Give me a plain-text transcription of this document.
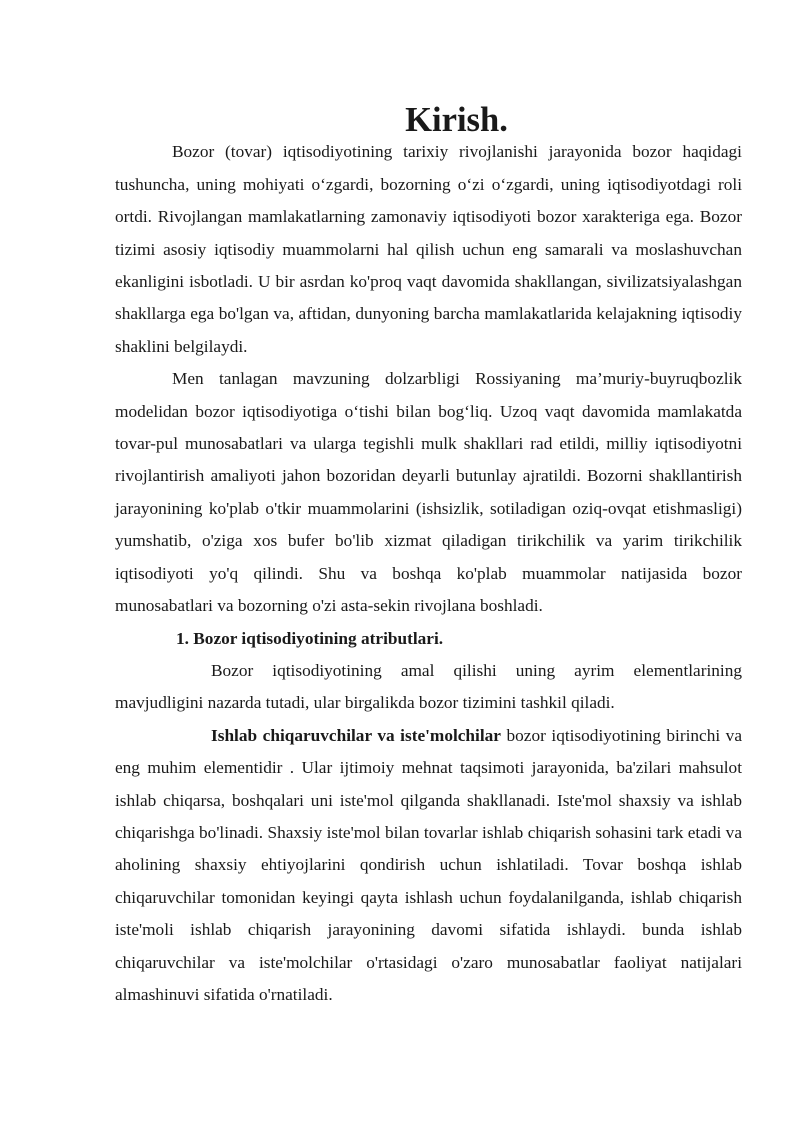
Kirish.

Bozor (tovar) iqtisodiyotining tarixiy rivojlanishi jarayonida bozor haqidagi tushuncha, uning mohiyati o‘zgardi, bozorning o‘zi o‘zgardi, uning iqtisodiyotdagi roli ortdi. Rivojlangan mamlakatlarning zamonaviy iqtisodiyoti bozor xarakteriga ega. Bozor tizimi asosiy iqtisodiy muammolarni hal qilish uchun eng samarali va moslashuvchan ekanligini isbotladi. U bir asrdan ko'proq vaqt davomida shakllangan, sivilizatsiyalashgan shakllarga ega bo'lgan va, aftidan, dunyoning barcha mamlakatlarida kelajakning iqtisodiy shaklini belgilaydi.

Men tanlagan mavzuning dolzarbligi Rossiyaning ma’muriy-buyruqbozlik modelidan bozor iqtisodiyotiga o‘tishi bilan bog‘liq. Uzoq vaqt davomida mamlakatda tovar-pul munosabatlari va ularga tegishli mulk shakllari rad etildi, milliy iqtisodiyotni rivojlantirish amaliyoti jahon bozoridan deyarli butunlay ajratildi. Bozorni shakllantirish jarayonining ko'plab o'tkir muammolarini (ishsizlik, sotiladigan oziq-ovqat etishmasligi) yumshatib, o'ziga xos bufer bo'lib xizmat qiladigan tirikchilik va yarim tirikchilik iqtisodiyoti yo'q qilindi. Shu va boshqa ko'plab muammolar natijasida bozor munosabatlari va bozorning o'zi asta-sekin rivojlana boshladi.

1. Bozor iqtisodiyotining atributlari.

Bozor iqtisodiyotining amal qilishi uning ayrim elementlarining mavjudligini nazarda tutadi, ular birgalikda bozor tizimini tashkil qiladi.

Ishlab chiqaruvchilar va iste'molchilar bozor iqtisodiyotining birinchi va eng muhim elementidir . Ular ijtimoiy mehnat taqsimoti jarayonida, ba'zilari mahsulot ishlab chiqarsa, boshqalari uni iste'mol qilganda shakllanadi. Iste'mol shaxsiy va ishlab chiqarishga bo'linadi. Shaxsiy iste'mol bilan tovarlar ishlab chiqarish sohasini tark etadi va aholining shaxsiy ehtiyojlarini qondirish uchun ishlatiladi. Tovar boshqa ishlab chiqaruvchilar tomonidan keyingi qayta ishlash uchun foydalanilganda, ishlab chiqarish iste'moli ishlab chiqarish jarayonining davomi sifatida ishlaydi. bunda ishlab chiqaruvchilar va iste'molchilar o'rtasidagi o'zaro munosabatlar faoliyat natijalari almashinuvi sifatida o'rnatiladi.
